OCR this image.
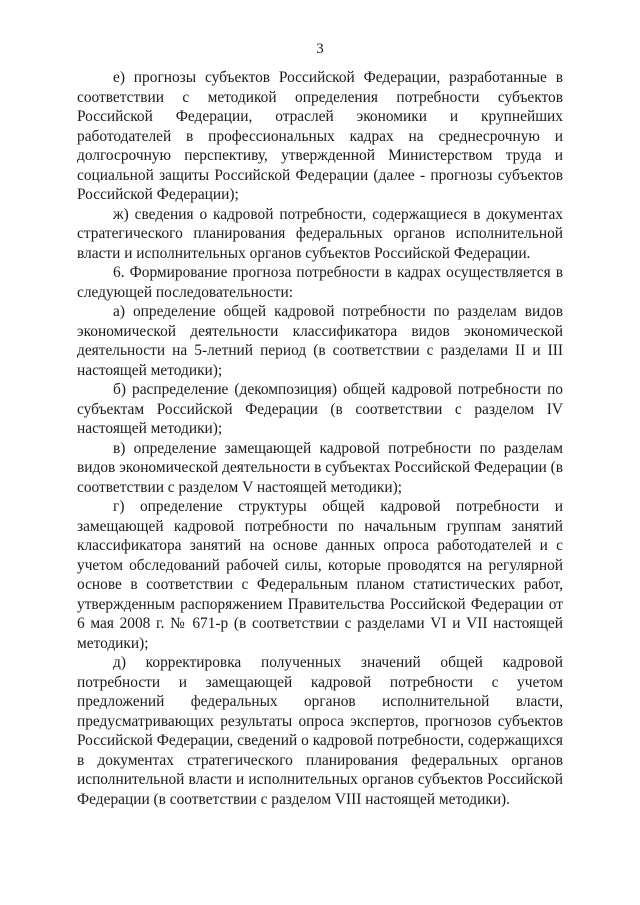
3

е) прогнозы субъектов Российской Федерации, разработанные в соответствии с методикой определения потребности субъектов Российской Федерации, отраслей экономики и крупнейших работодателей в профессиональных кадрах на среднесрочную и долгосрочную перспективу, утвержденной Министерством труда и социальной защиты Российской Федерации (далее - прогнозы субъектов Российской Федерации);

ж) сведения о кадровой потребности, содержащиеся в документах стратегического планирования федеральных органов исполнительной власти и исполнительных органов субъектов Российской Федерации.

6. Формирование прогноза потребности в кадрах осуществляется в следующей последовательности:

а) определение общей кадровой потребности по разделам видов экономической деятельности классификатора видов экономической деятельности на 5-летний период (в соответствии с разделами II и III настоящей методики);

б) распределение (декомпозиция) общей кадровой потребности по субъектам Российской Федерации (в соответствии с разделом IV настоящей методики);

в) определение замещающей кадровой потребности по разделам видов экономической деятельности в субъектах Российской Федерации (в соответствии с разделом V настоящей методики);

г) определение структуры общей кадровой потребности и замещающей кадровой потребности по начальным группам занятий классификатора занятий на основе данных опроса работодателей и с учетом обследований рабочей силы, которые проводятся на регулярной основе в соответствии с Федеральным планом статистических работ, утвержденным распоряжением Правительства Российской Федерации от 6 мая 2008 г. № 671-р (в соответствии с разделами VI и VII настоящей методики);

д) корректировка полученных значений общей кадровой потребности и замещающей кадровой потребности с учетом предложений федеральных органов исполнительной власти, предусматривающих результаты опроса экспертов, прогнозов субъектов Российской Федерации, сведений о кадровой потребности, содержащихся в документах стратегического планирования федеральных органов исполнительной власти и исполнительных органов субъектов Российской Федерации (в соответствии с разделом VIII настоящей методики).
